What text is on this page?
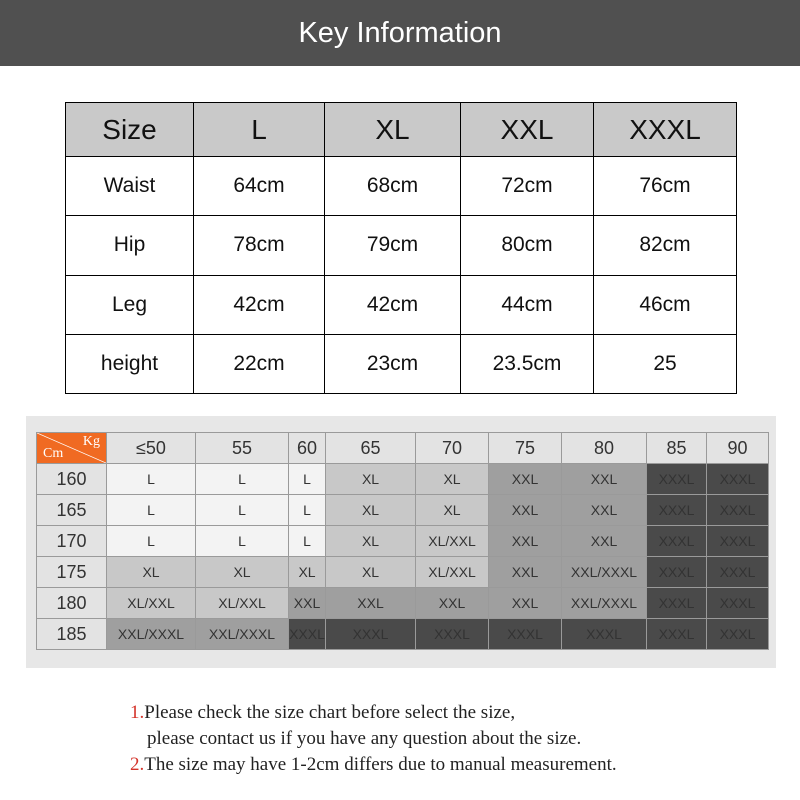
Key Information
Size	L	XL	XXL	XXXL
Waist	64cm	68cm	72cm	76cm
Hip	78cm	79cm	80cm	82cm
Leg	42cm	42cm	44cm	46cm
height	22cm	23cm	23.5cm	25
Kg
Cm	≤50	55	60	65	70	75	80	85	90
160	L	L	L	XL	XL	XXL	XXL	XXXL	XXXL
165	L	L	L	XL	XL	XXL	XXL	XXXL	XXXL
170	L	L	L	XL	XL/XXL	XXL	XXL	XXXL	XXXL
175	XL	XL	XL	XL	XL/XXL	XXL	XXL/XXXL	XXXL	XXXL
180	XL/XXL	XL/XXL	XXL	XXL	XXL	XXL	XXL/XXXL	XXXL	XXXL
185	XXL/XXXL	XXL/XXXL	XXXL	XXXL	XXXL	XXXL	XXXL	XXXL	XXXL
1.Please check the size chart before select the size,
please contact us if you have any question about the size.
2.The size may have 1-2cm differs due to manual measurement.
